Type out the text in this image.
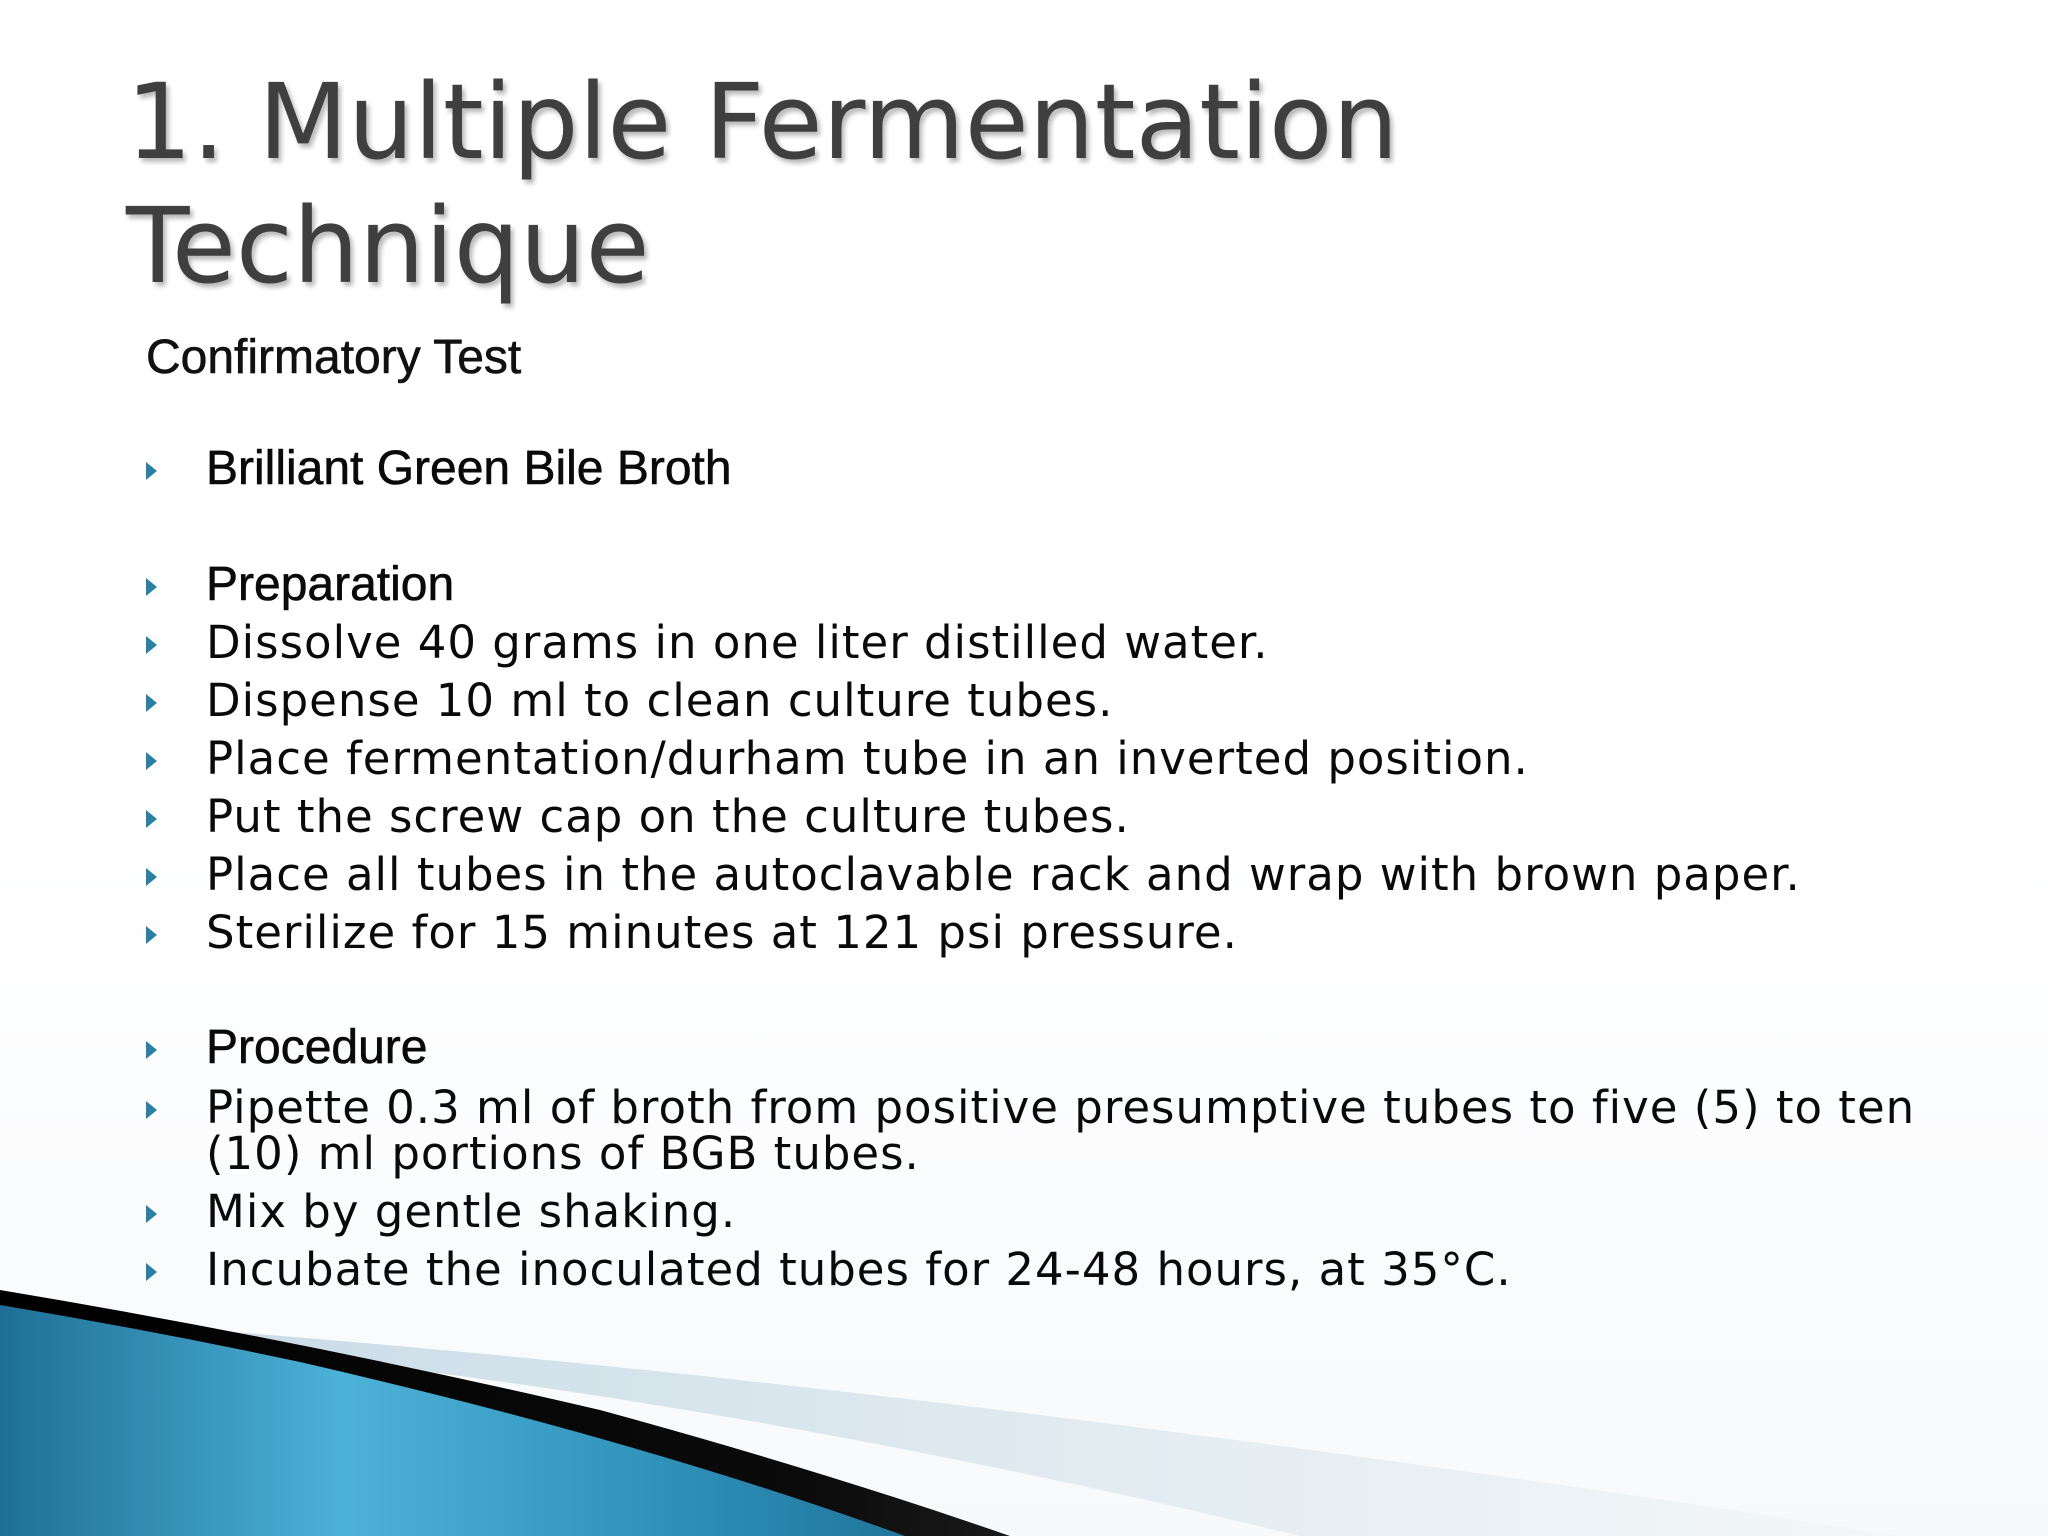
1. Multiple Fermentation Technique
Confirmatory Test
Brilliant Green Bile Broth
Preparation
Dissolve 40 grams in one liter distilled water.
Dispense 10 ml to clean culture tubes.
Place fermentation/durham tube in an inverted position.
Put the screw cap on the culture tubes.
Place all tubes in the autoclavable rack and wrap with brown paper.
Sterilize for 15 minutes at 121 psi pressure.
Procedure
Pipette 0.3 ml of broth from positive presumptive tubes to five (5) to ten (10) ml portions of BGB tubes.
Mix by gentle shaking.
Incubate the inoculated tubes for 24-48 hours, at 35°C.
